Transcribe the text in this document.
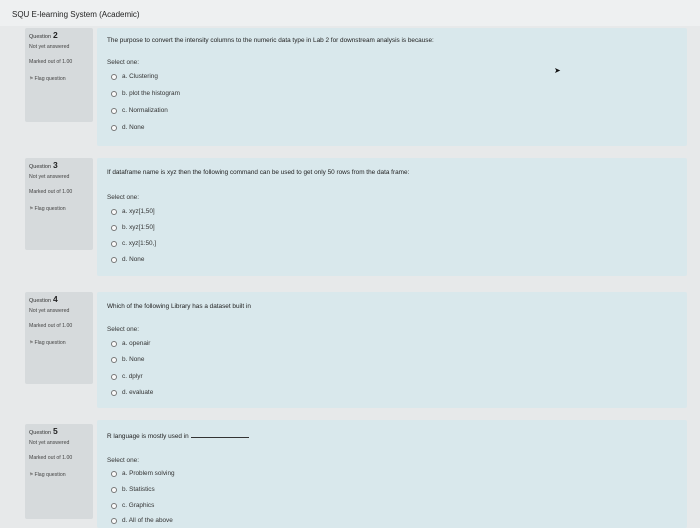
SQU E-learning System (Academic)
Question 2
Not yet answered
Marked out of 1.00
⚑ Flag question
The purpose to convert the intensity columns to the numeric data type in Lab 2 for downstream analysis is because:
Select one:
a. Clustering
b. plot the histogram
c. Normalization
d. None
Question 3
Not yet answered
Marked out of 1.00
⚑ Flag question
If dataframe name is xyz then the following command can be used to get only 50 rows from the data frame:
Select one:
a. xyz[1,50]
b. xyz[1:50]
c. xyz[1:50,]
d. None
Question 4
Not yet answered
Marked out of 1.00
⚑ Flag question
Which of the following Library has a dataset built in
Select one:
a. openair
b. None
c. dplyr
d. evaluate
Question 5
Not yet answered
Marked out of 1.00
⚑ Flag question
R language is mostly used in
Select one:
a. Problem solving
b. Statistics
c. Graphics
d. All of the above
➤
